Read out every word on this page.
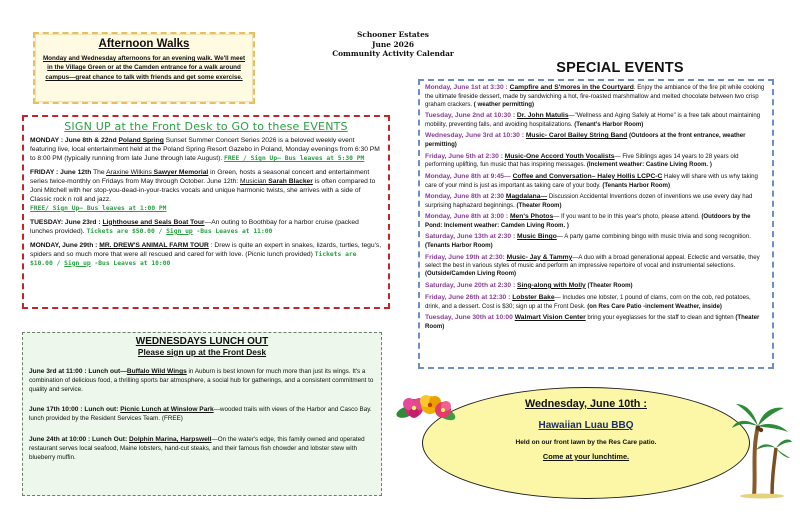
Afternoon Walks

Monday and Wednesday afternoons for an evening walk. We'll meet in the Village Green or at the Camden entrance for a walk around campus—great chance to talk with friends and get some exercise.

Schooner Estates
June 2026
Community Activity Calendar
SPECIAL EVENTS
SIGN UP at the Front Desk to GO to these EVENTS
MONDAY : June 8th & 22nd Poland Spring Sunset Summer Concert Series 2026 is a beloved weekly event featuring live, local entertainment held at the Poland Spring Resort Gazebo in Poland, Monday evenings from 6:30 PM to 8:00 PM (typically running from late June through late August). FREE / Sign Up– Bus leaves at 5:30 PM
FRIDAY : June 12th The Araxine Wilkins Sawyer Memorial in Green, hosts a seasonal concert and entertainment series twice-monthly on Fridays from May through October. June 12th: Musician Sarah Blacker is often compared to Joni Mitchell with her stop-you-dead-in-your-tracks vocals and unique harmonic twists, she arrives with a side of Classic rock n roll and jazz.
FREE/ Sign Up— Bus leaves at 1:00 PM
TUESDAY: June 23rd : Lighthouse and Seals Boat Tour—An outing to Boothbay for a harbor cruise (packed lunches provided). Tickets are $50.00 / Sign up -Bus Leaves at 11:00
MONDAY, June 29th : MR. DREW'S ANIMAL FARM TOUR : Drew is quite an expert in snakes, lizards, turtles, tegu's, spiders and so much more that were all rescued and cared for with love. (Picnic lunch provided) Tickets are $10.00 / Sign up -Bus Leaves at 10:00
WEDNESDAYS LUNCH OUT
Please sign up at the Front Desk
June 3rd at 11:00 : Lunch out—Buffalo Wild Wings in Auburn is best known for much more than just its wings. It's a combination of delicious food, a thrilling sports bar atmosphere, a social hub for gatherings, and a consistent commitment to quality and service.
June 17th 10:00 : Lunch out: Picnic Lunch at Winslow Park—wooded trails with views of the Harbor and Casco Bay. lunch provided by the Resident Services Team. (FREE)
June 24th at 10:00 : Lunch Out: Dolphin Marina, Harpswell—On the water's edge, this family owned and operated restaurant serves local seafood, Maine lobsters, hand-cut steaks, and their famous fish chowder and lobster stew with blueberry muffin.
Monday, June 1st at 3:30 : Campfire and S'mores in the Courtyard. Enjoy the ambiance of the fire pit while cooking the ultimate fireside dessert, made by sandwiching a hot, fire-roasted marshmallow and melted chocolate between two crisp graham crackers. ( weather permitting)
Tuesday, June 2nd at 10:30 : Dr. John Matulis—"Wellness and Aging Safely at Home" is a free talk about maintaining mobility, preventing falls, and avoiding hospitalizations. (Tenant's Harbor Room)
Wednesday, June 3rd at 10:30 : Music- Carol Bailey String Band (Outdoors at the front entrance, weather permitting)
Friday, June 5th at 2:30 : Music-One Accord Youth Vocalists— Five Siblings ages 14 years to 28 years old performing uplifting, fun music that has inspiring messages. (Inclement weather: Castine Living Room. )
Monday, June 8th at 9:45— Coffee and Conversation– Haley Hollis LCPC-C Haley will share with us why taking care of your mind is just as important as taking care of your body. (Tenants Harbor Room)
Monday, June 8th at 2:30 Magdalana— Discussion Accidental Inventions dozen of inventions we use every day had surprising haphazard beginnings. (Theater Room)
Monday, June 8th at 3:00 : Men's Photos— If you want to be in this year's photo, please attend. (Outdoors by the Pond: Inclement weather: Camden Living Room. )
Saturday, June 13th at 2:30 : Music Bingo— A party game combining bingo with music trivia and song recognition. (Tenants Harbor Room)
Friday, June 19th at 2:30: Music- Jay & Tammy—A duo with a broad generational appeal. Eclectic and versatile, they select the best in various styles of music and perform an impressive repertoire of vocal and instrumental selections. (Outside/Camden Living Room)
Saturday, June 20th at 2:30 : Sing-along with Molly (Theater Room)
Friday, June 26th at 12:30 : Lobster Bake— Includes one lobster, 1 pound of clams, corn on the cob, red potatoes, drink, and a dessert. Cost is $30; sign up at the Front Desk. (on Res Care Patio -inclement Weather, inside)
Tuesday, June 30th at 10:00 Walmart Vision Center bring your eyeglasses for the staff to clean and tighten (Theater Room)
Wednesday, June 10th :
Hawaiian Luau BBQ
Held on our front lawn by the Res Care patio.
Come at your lunchtime.
